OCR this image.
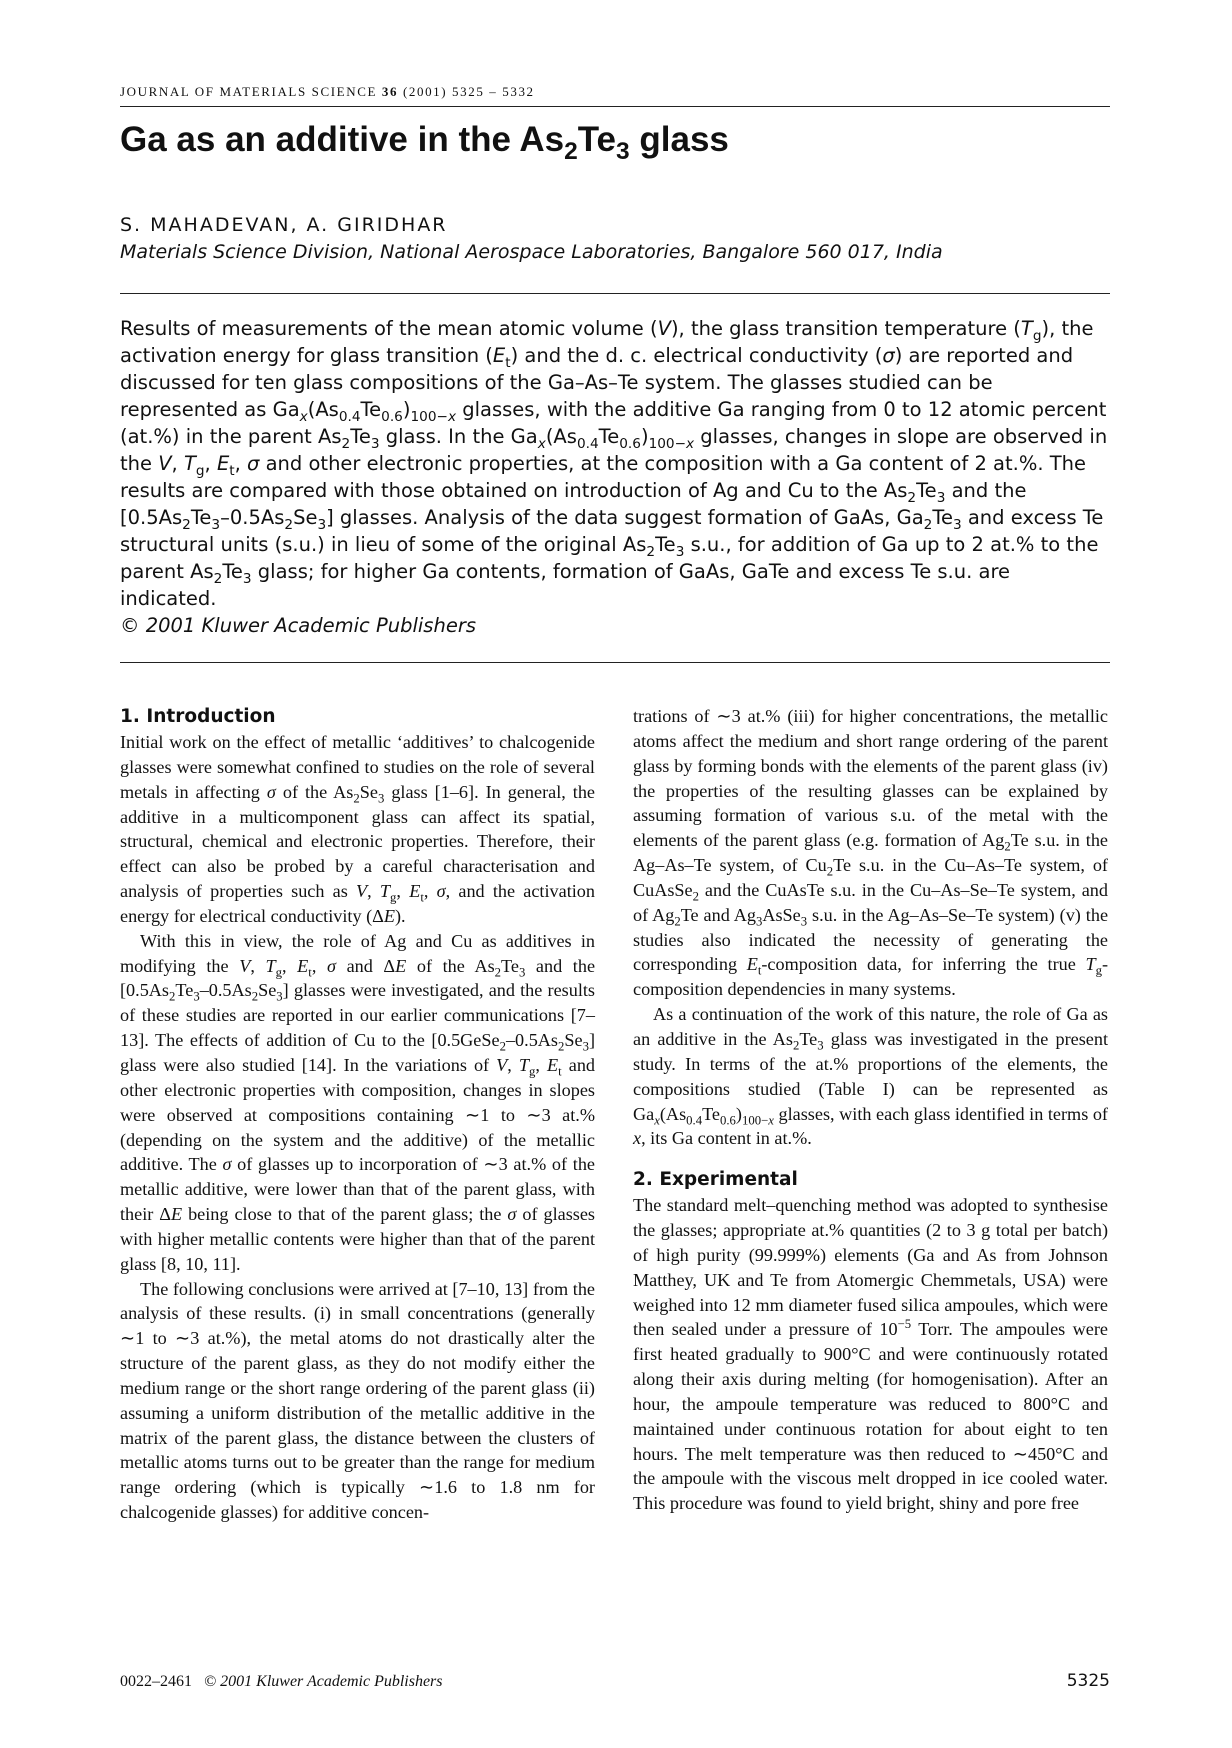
JOURNAL OF MATERIALS SCIENCE 36 (2001) 5325 – 5332
Ga as an additive in the $As_2Te_3$ glass
S. MAHADEVAN, A. GIRIDHAR
Materials Science Division, National Aerospace Laboratories, Bangalore 560 017, India

Results of measurements of the mean atomic volume (V), the glass transition temperature $(T_g)$, the activation energy for glass transition $(E_t)$ and the d. c. electrical conductivity (σ) are reported and discussed for ten glass compositions of the Ga–As–Te system. The glasses studied can be represented as $Ga_x(As_{0.4}Te_{0.6})_{100-x}$ glasses, with the additive Ga ranging from 0 to 12 atomic percent (at.%) in the parent $As_2Te_3$ glass. In the $Ga_x(As_{0.4}Te_{0.6})_{100-x}$ glasses, changes in slope are observed in the V, $T_g$, $E_t$, σ and other electronic properties, at the composition with a Ga content of 2 at.%. The results are compared with those obtained on introduction of Ag and Cu to the $As_2Te_3$ and the $[0.5As_2Te_3-0.5As_2Se_3]$ glasses. Analysis of the data suggest formation of GaAs, $Ga_2Te_3$ and excess Te structural units (s.u.) in lieu of some of the original $As_2Te_3$ s.u., for addition of Ga up to 2 at.% to the parent $As_2Te_3$ glass; for higher Ga contents, formation of GaAs, GaTe and excess Te s.u. are indicated.

© 2001 Kluwer Academic Publishers

1. Introduction

Initial work on the effect of metallic ‘additives’ to chalcogenide glasses were somewhat confined to studies on the role of several metals in affecting σ of the $As_2Se_3$ glass [1–6]. In general, the additive in a multicomponent glass can affect its spatial, structural, chemical and electronic properties. Therefore, their effect can also be probed by a careful characterisation and analysis of properties such as V, $T_g$, $E_t$, σ, and the activation energy for electrical conductivity (ΔE).

With this in view, the role of Ag and Cu as additives in modifying the V, $T_g$, $E_t$, σ and ΔE of the $As_2Te_3$ and the $[0.5As_2Te_3-0.5As_2Se_3]$ glasses were investigated, and the results of these studies are reported in our earlier communications [7–13]. The effects of addition of Cu to the $[0.5GeSe_2-0.5As_2Se_3]$ glass were also studied [14]. In the variations of V, $T_g$, $E_t$ and other electronic properties with composition, changes in slopes were observed at compositions containing ∼1 to ∼3 at.% (depending on the system and the additive) of the metallic additive. The σ of glasses up to incorporation of ∼3 at.% of the metallic additive, were lower than that of the parent glass, with their ΔE being close to that of the parent glass; the σ of glasses with higher metallic contents were higher than that of the parent glass [8, 10, 11].

The following conclusions were arrived at [7–10, 13] from the analysis of these results. (i) in small concentrations (generally ∼1 to ∼3 at.%), the metal atoms do not drastically alter the structure of the parent glass, as they do not modify either the medium range or the short range ordering of the parent glass (ii) assuming a uniform distribution of the metallic additive in the matrix of the parent glass, the distance between the clusters of metallic atoms turns out to be greater than the range for medium range ordering (which is typically ∼1.6 to 1.8 nm for chalcogenide glasses) for additive concen-

trations of ∼3 at.% (iii) for higher concentrations, the metallic atoms affect the medium and short range ordering of the parent glass by forming bonds with the elements of the parent glass (iv) the properties of the resulting glasses can be explained by assuming formation of various s.u. of the metal with the elements of the parent glass (e.g. formation of $Ag_2Te$ s.u. in the Ag–As–Te system, of $Cu_2Te$ s.u. in the Cu–As–Te system, of CuAsSe$_2$ and the CuAsTe s.u. in the Cu–As–Se–Te system, and of $Ag_2Te$ and $Ag_3AsSe_3$ s.u. in the Ag–As–Se–Te system) (v) the studies also indicated the necessity of generating the corresponding $E_t$-composition data, for inferring the true $T_g$-composition dependencies in many systems.

As a continuation of the work of this nature, the role of Ga as an additive in the $As_2Te_3$ glass was investigated in the present study. In terms of the at.% proportions of the elements, the compositions studied (Table I) can be represented as $Ga_x(As_{0.4}Te_{0.6})_{100-x}$ glasses, with each glass identified in terms of x, its Ga content in at.%.

2. Experimental

The standard melt–quenching method was adopted to synthesise the glasses; appropriate at.% quantities (2 to 3 g total per batch) of high purity (99.999%) elements (Ga and As from Johnson Matthey, UK and Te from Atomergic Chemmetals, USA) were weighed into 12 mm diameter fused silica ampoules, which were then sealed under a pressure of $10^{-5}$ Torr. The ampoules were first heated gradually to 900°C and were continuously rotated along their axis during melting (for homogenisation). After an hour, the ampoule temperature was reduced to 800°C and maintained under continuous rotation for about eight to ten hours. The melt temperature was then reduced to ∼450°C and the ampoule with the viscous melt dropped in ice cooled water. This procedure was found to yield bright, shiny and pore free

0022–2461 © 2001 Kluwer Academic Publishers	5325
